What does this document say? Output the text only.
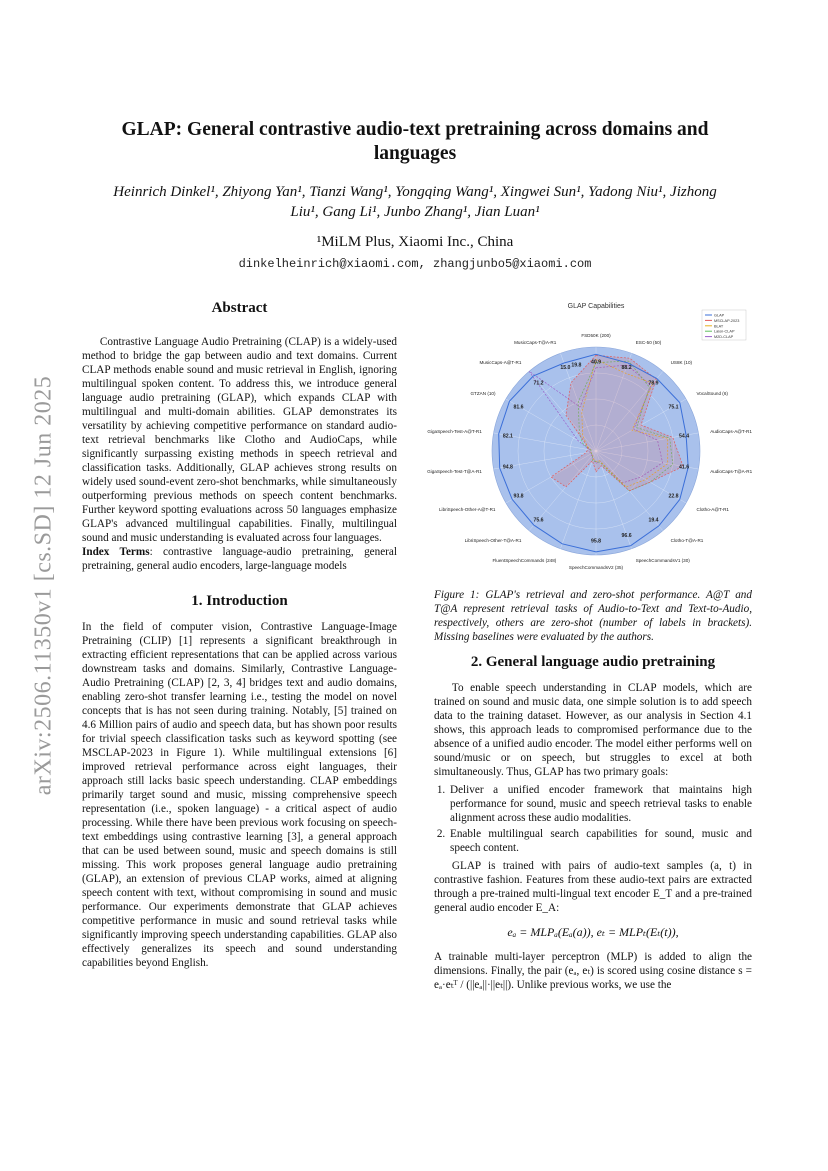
arXiv:2506.11350v1 [cs.SD] 12 Jun 2025
GLAP: General contrastive audio-text pretraining across domains and languages
Heinrich Dinkel¹, Zhiyong Yan¹, Tianzi Wang¹, Yongqing Wang¹, Xingwei Sun¹, Yadong Niu¹, Jizhong Liu¹, Gang Li¹, Junbo Zhang¹, Jian Luan¹
¹MiLM Plus, Xiaomi Inc., China
dinkelheinrich@xiaomi.com, zhangjunbo5@xiaomi.com
Abstract

Contrastive Language Audio Pretraining (CLAP) is a widely-used method to bridge the gap between audio and text domains. Current CLAP methods enable sound and music retrieval in English, ignoring multilingual spoken content. To address this, we introduce general language audio pretraining (GLAP), which expands CLAP with multilingual and multi-domain abilities. GLAP demonstrates its versatility by achieving competitive performance on standard audio-text retrieval benchmarks like Clotho and AudioCaps, while significantly surpassing existing methods in speech retrieval and classification tasks. Additionally, GLAP achieves strong results on widely used sound-event zero-shot benchmarks, while simultaneously outperforming previous methods on speech content benchmarks. Further keyword spotting evaluations across 50 languages emphasize GLAP's advanced multilingual capabilities. Finally, multilingual sound and music understanding is evaluated across four languages.

Index Terms: contrastive language-audio pretraining, general pretraining, general audio encoders, large-language models

1. Introduction

In the field of computer vision, Contrastive Language-Image Pretraining (CLIP) [1] represents a significant breakthrough in extracting efficient representations that can be applied across various downstream tasks and domains. Similarly, Contrastive Language-Audio Pretraining (CLAP) [2, 3, 4] bridges text and audio domains, enabling zero-shot transfer learning i.e., testing the model on novel concepts that is has not seen during training. Notably, [5] trained on 4.6 Million pairs of audio and speech data, but has shown poor results for trivial speech classification tasks such as keyword spotting (see MSCLAP-2023 in Figure 1). While multilingual extensions [6] improved retrieval performance across eight languages, their approach still lacks basic speech understanding. CLAP embeddings primarily target sound and music, missing comprehensive speech representation (i.e., spoken language) - a critical aspect of audio processing. While there have been previous work focusing on speech-text embeddings using contrastive learning [3], a general approach that can be used between sound, music and speech domains is still missing. This work proposes general language audio pretraining (GLAP), an extension of previous CLAP works, aimed at aligning speech content with text, without compromising in sound and music performance. Our experiments demonstrate that GLAP achieves competitive performance in music and sound retrieval tasks while significantly improving speech understanding capabilities. GLAP also effectively generalizes its speech and sound understanding capabilities beyond English.

GLAP Capabilities
FSD50K (200)
40.9
ESC-50 (50)
88.2
US8K (10)
78.9
VocalSound (6)
75.1
AudioCaps-A@T-R1
54.4
AudioCaps-T@A-R1
41.6
Clotho-A@T-R1
22.8
Clotho-T@A-R1
19.4
SpeechCommandsV1 (30)
96.6
SpeechCommandsV2 (35)
95.8
FluentSpeechCommands (248)
LibriSpeech-Other-T@A-R1
75.6
LibriSpeech-Other-A@T-R1
93.8
GigaSpeech-Test-T@A-R1
94.8
GigaSpeech-Test-A@T-R1
82.1
GTZAN (10)
81.6
MusicCaps-A@T-R1
71.2
MusicCaps-T@A-R1
15.0 19.8
GLAP
MSCLAP-2023
BLAT
Laion-CLAP
M2D-CLAP
Figure 1: GLAP's retrieval and zero-shot performance. A@T and T@A represent retrieval tasks of Audio-to-Text and Text-to-Audio, respectively, others are zero-shot (number of labels in brackets). Missing baselines were evaluated by the authors.
2. General language audio pretraining

To enable speech understanding in CLAP models, which are trained on sound and music data, one simple solution is to add speech data to the training dataset. However, as our analysis in Section 4.1 shows, this approach leads to compromised performance due to the absence of a unified audio encoder. The model either performs well on sound/music or on speech, but struggles to excel at both simultaneously. Thus, GLAP has two primary goals:

1. Deliver a unified encoder framework that maintains high performance for sound, music and speech retrieval tasks to enable alignment across these audio modalities.
2. Enable multilingual search capabilities for sound, music and speech content.

GLAP is trained with pairs of audio-text samples (a, t) in contrastive fashion. Features from these audio-text pairs are extracted through a pre-trained multi-lingual text encoder E_T and a pre-trained general audio encoder E_A:

eₐ = MLPₐ(Eₐ(a)), eₜ = MLPₜ(Eₜ(t)),

A trainable multi-layer perceptron (MLP) is added to align the dimensions. Finally, the pair (eₐ, eₜ) is scored using cosine distance s = eₐ·eₜᵀ / (||eₐ||·||eₜ||). Unlike previous works, we use the
